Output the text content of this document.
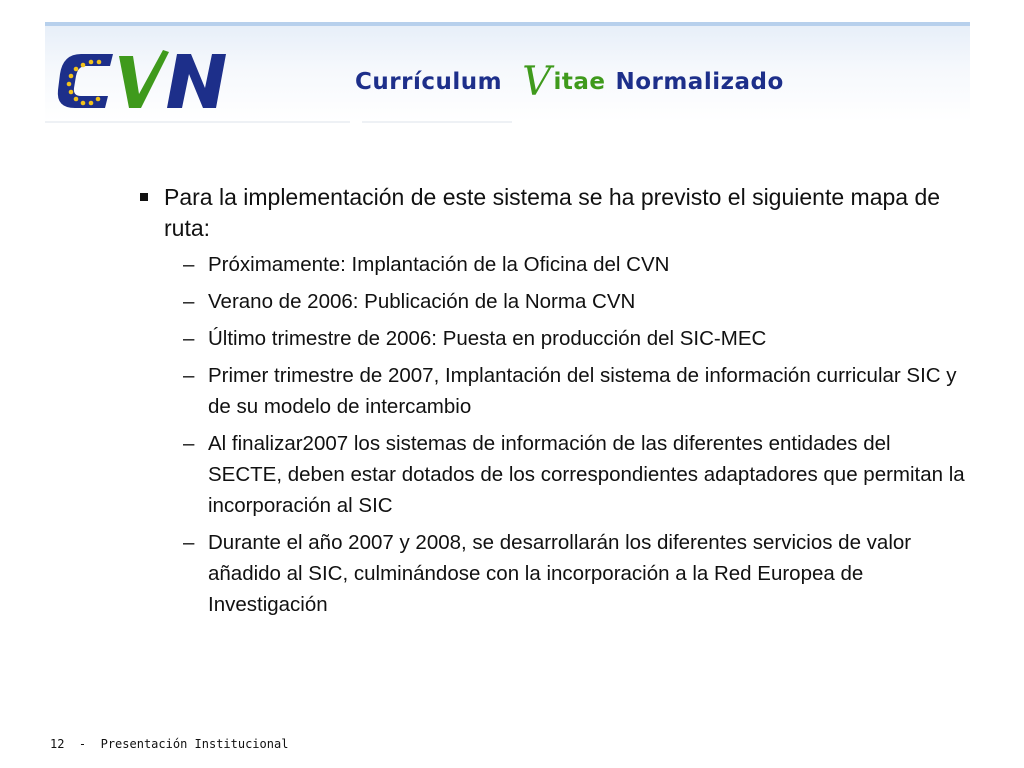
Currículum V itae Normalizado
Para la implementación de este sistema se ha previsto el siguiente mapa de ruta:
– Próximamente: Implantación de la Oficina del CVN
– Verano de 2006: Publicación de la Norma CVN
– Último trimestre de 2006: Puesta en producción del SIC-MEC
– Primer trimestre de 2007, Implantación del sistema de información curricular SIC y de su modelo de intercambio
– Al finalizar2007 los sistemas de información de las diferentes entidades del SECTE, deben estar dotados de los correspondientes adaptadores que permitan la incorporación al SIC
– Durante el año 2007 y 2008, se desarrollarán los diferentes servicios de valor añadido al SIC, culminándose con la incorporación a la Red Europea de Investigación
12 - Presentación Institucional
